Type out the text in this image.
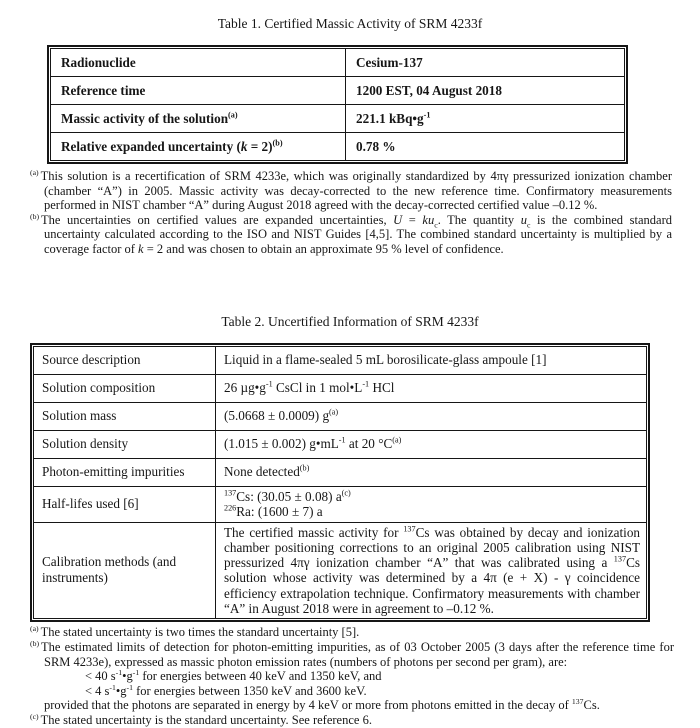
Table 1. Certified Massic Activity of SRM 4233f
Radionuclide	Cesium-137
Reference time	1200 EST, 04 August 2018
Massic activity of the solution$^{(a)}$	221.1 $kBq•g^{-1}$
Relative expanded uncertainty (k = 2)$^{(b)}$	0.78 %
$^{(a)}$ This solution is a recertification of SRM 4233e, which was originally standardized by 4πγ pressurized ionization chamber (chamber “A”) in 2005. Massic activity was decay-corrected to the new reference time. Confirmatory measurements performed in NIST chamber “A” during August 2018 agreed with the decay-corrected certified value –0.12 %.
$^{(b)}$ The uncertainties on certified values are expanded uncertainties, $U = ku_c$. The quantity $u_c$ is the combined standard uncertainty calculated according to the ISO and NIST Guides [4,5]. The combined standard uncertainty is multiplied by a coverage factor of k = 2 and was chosen to obtain an approximate 95 % level of confidence.
Table 2. Uncertified Information of SRM 4233f
Source description	Liquid in a flame-sealed 5 mL borosilicate-glass ampoule [1]
Solution composition	26 $\mu g•g^{-1}$ CsCl in 1 $mol•L^{-1}$ HCl
Solution mass	(5.0668 ± 0.0009) $g^{(a)}$
Solution density	(1.015 ± 0.002) $g•mL^{-1}$ at 20 $^\circ C^{(a)}$
Photon-emitting impurities	None detected$^{(b)}$
Half-lifes used [6]	$^{137}$Cs: (30.05 ± 0.08) $a^{(c)}$
$^{226}$Ra: (1600 ± 7) a

Calibration methods (and instruments)	The certified massic activity for $^{137}$Cs was obtained by decay and ionization chamber positioning corrections to an original 2005 calibration using NIST pressurized 4πγ ionization chamber “A” that was calibrated using a $^{137}$Cs solution whose activity was determined by a 4π (e + X) - γ coincidence efficiency extrapolation technique. Confirmatory measurements with chamber “A” in August 2018 were in agreement to –0.12 %.
$^{(a)}$ The stated uncertainty is two times the standard uncertainty [5].
$^{(b)}$ The estimated limits of detection for photon-emitting impurities, as of 03 October 2005 (3 days after the reference time for SRM 4233e), expressed as massic photon emission rates (numbers of photons per second per gram), are:
< 40 $s^{-1}•g^{-1}$ for energies between 40 keV and 1350 keV, and
< 4 $s^{-1}•g^{-1}$ for energies between 1350 keV and 3600 keV.
provided that the photons are separated in energy by 4 keV or more from photons emitted in the decay of $^{137}$Cs.
$^{(c)}$ The stated uncertainty is the standard uncertainty. See reference 6.
